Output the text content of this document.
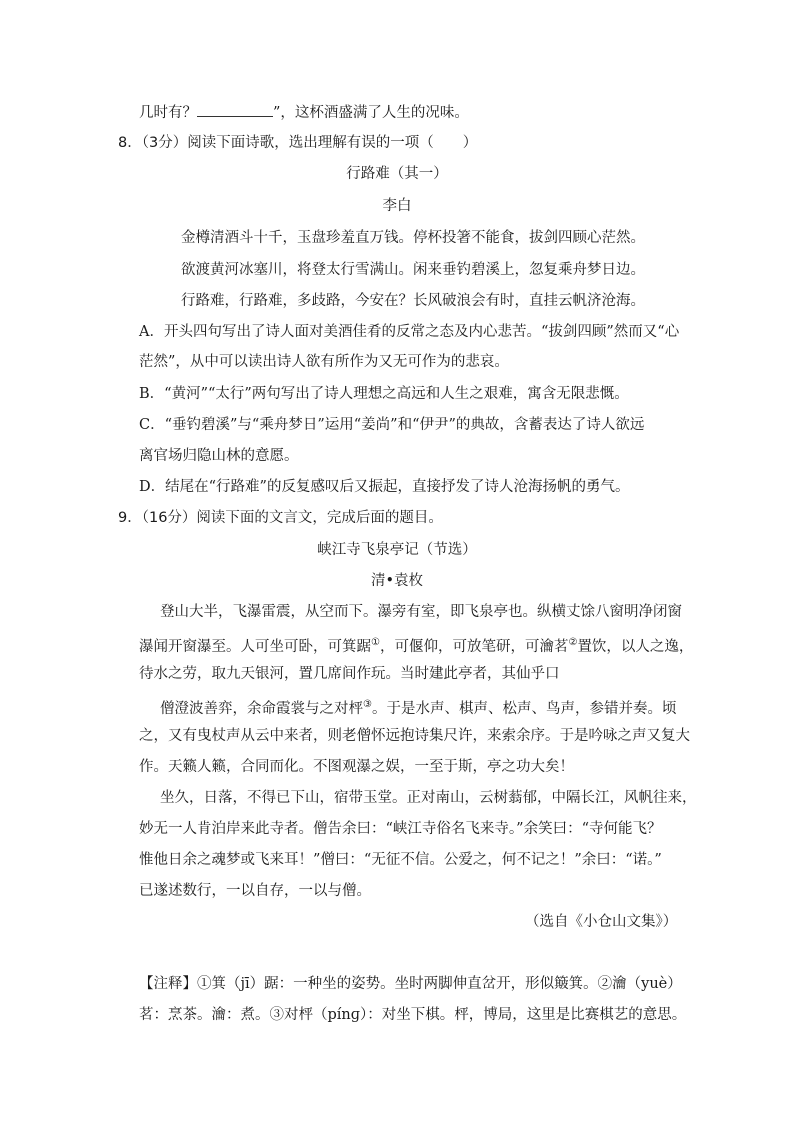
几时有？	”，这杯酒盛满了人生的况味。
8．（3分）阅读下面诗歌，选出理解有误的一项（　　）
行路难（其一）
李白
金樽清酒斗十千，玉盘珍羞直万钱。停杯投箸不能食，拔剑四顾心茫然。
欲渡黄河冰塞川，将登太行雪满山。闲来垂钓碧溪上，忽复乘舟梦日边。
行路难，行路难，多歧路，今安在？长风破浪会有时，直挂云帆济沧海。
A．开头四句写出了诗人面对美酒佳肴的反常之态及内心悲苦。“拔剑四顾”然而又“心
茫然”，从中可以读出诗人欲有所作为又无可作为的悲哀。
B．“黄河”“太行”两句写出了诗人理想之高远和人生之艰难，寓含无限悲慨。
C．“垂钓碧溪”与“乘舟梦日”运用“姜尚”和“伊尹”的典故，含蓄表达了诗人欲远
离官场归隐山林的意愿。
D．结尾在“行路难”的反复感叹后又振起，直接抒发了诗人沧海扬帆的勇气。
9．（16分）阅读下面的文言文，完成后面的题目。
峡江寺飞泉亭记（节选）
清•袁枚
登山大半，飞瀑雷震，从空而下。瀑旁有室，即飞泉亭也。纵横丈馀八窗明净闭窗
瀑闻开窗瀑至。人可坐可卧，可箕踞①，可偃仰，可放笔研，可瀹茗②置饮，以人之逸，
待水之劳，取九天银河，置几席间作玩。当时建此亭者，其仙乎口
僧澄波善弈，余命霞裳与之对枰③。于是水声、棋声、松声、鸟声，参错并奏。顷
之，又有曳杖声从云中来者，则老僧怀远抱诗集尺许，来索余序。于是吟咏之声又复大
作。天籁人籁，合同而化。不图观瀑之娱，一至于斯，亭之功大矣！
坐久，日落，不得已下山，宿带玉堂。正对南山，云树蓊郁，中隔长江，风帆往来，
妙无一人肯泊岸来此寺者。僧告余曰：“峡江寺俗名飞来寺。”余笑曰：“寺何能飞？
惟他日余之魂梦或飞来耳！”僧曰：“无征不信。公爱之，何不记之！”余曰：“诺。”
已遂述数行，一以自存，一以与僧。
（选自《小仓山文集》）
【注释】①箕（jī）踞：一种坐的姿势。坐时两脚伸直岔开，形似簸箕。②瀹（yuè）
茗：烹茶。瀹：煮。③对枰（pínɡ）：对坐下棋。枰，博局，这里是比赛棋艺的意思。
